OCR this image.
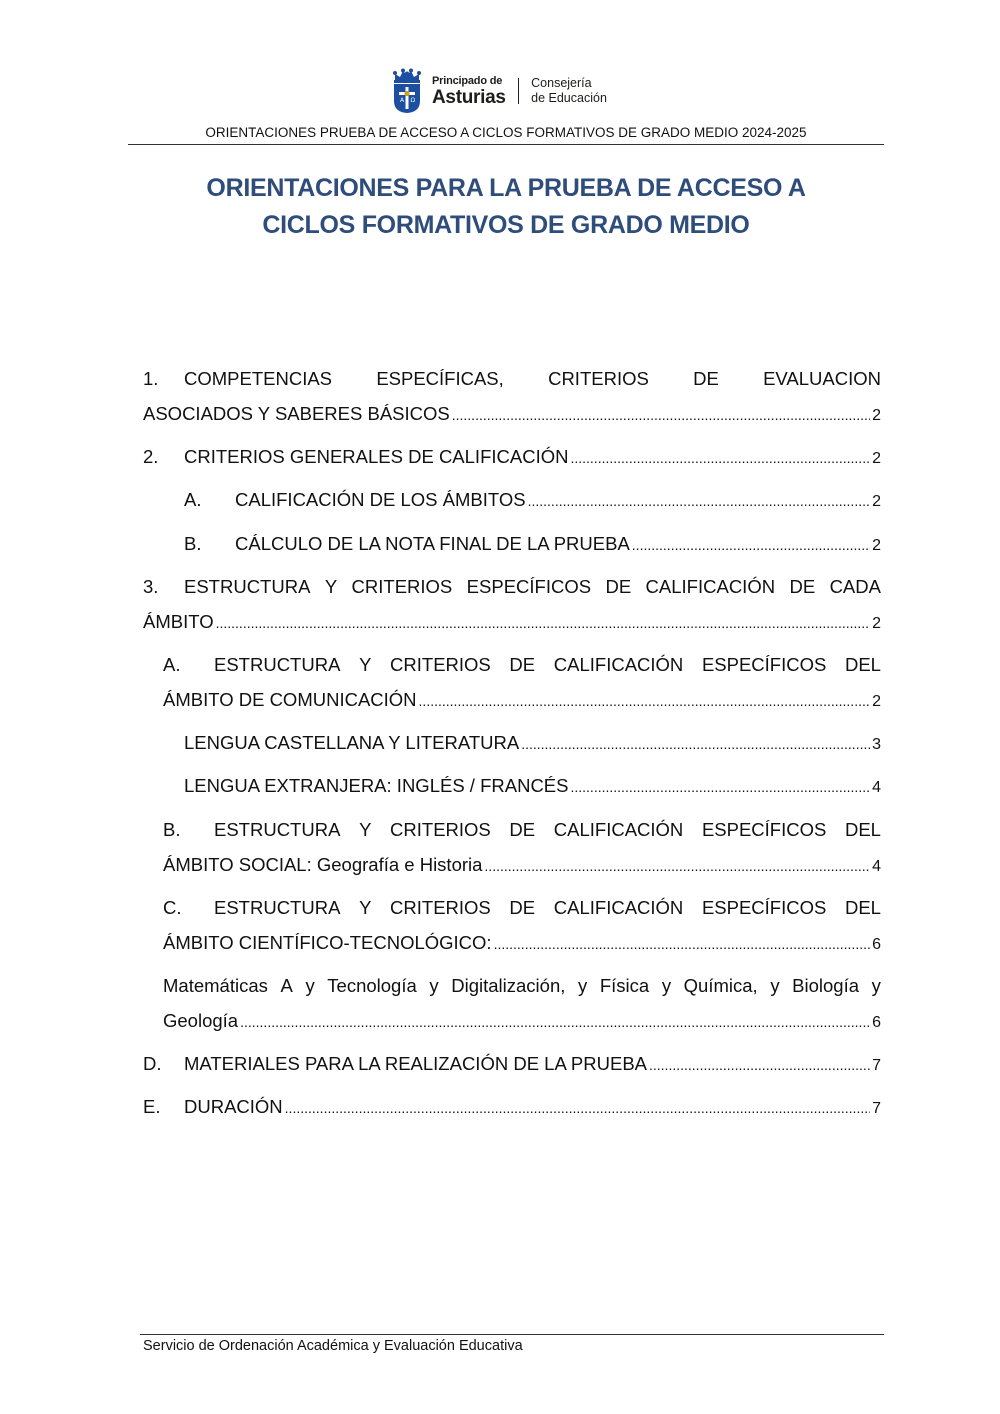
A Ω
Principado de
Asturias
Consejería
de Educación
ORIENTACIONES PRUEBA DE ACCESO A CICLOS FORMATIVOS DE GRADO MEDIO 2024-2025
ORIENTACIONES PARA LA PRUEBA DE ACCESO A
CICLOS FORMATIVOS DE GRADO MEDIO
1. COMPETENCIAS ESPECÍFICAS, CRITERIOS DE EVALUACION
ASOCIADOS Y SABERES BÁSICOS .....	2
2.	CRITERIOS GENERALES DE CALIFICACIÓN .....	2
A.	CALIFICACIÓN DE LOS ÁMBITOS .....	2
B.	CÁLCULO DE LA NOTA FINAL DE LA PRUEBA .....	2
3. ESTRUCTURA Y CRITERIOS ESPECÍFICOS DE CALIFICACIÓN DE CADA
ÁMBITO .....	2
A. ESTRUCTURA Y CRITERIOS DE CALIFICACIÓN ESPECÍFICOS DEL
ÁMBITO DE COMUNICACIÓN .....	2
LENGUA CASTELLANA Y LITERATURA .....	3
LENGUA EXTRANJERA: INGLÉS / FRANCÉS .....	4
B. ESTRUCTURA Y CRITERIOS DE CALIFICACIÓN ESPECÍFICOS DEL
ÁMBITO SOCIAL: Geografía e Historia .....	4
C. ESTRUCTURA Y CRITERIOS DE CALIFICACIÓN ESPECÍFICOS DEL
ÁMBITO CIENTÍFICO-TECNOLÓGICO: .....	6
Matemáticas A y Tecnología y Digitalización, y Física y Química, y Biología y
Geología .....	6
D.	MATERIALES PARA LA REALIZACIÓN DE LA PRUEBA .....	7
E.	DURACIÓN .....	7
Servicio de Ordenación Académica y Evaluación Educativa
